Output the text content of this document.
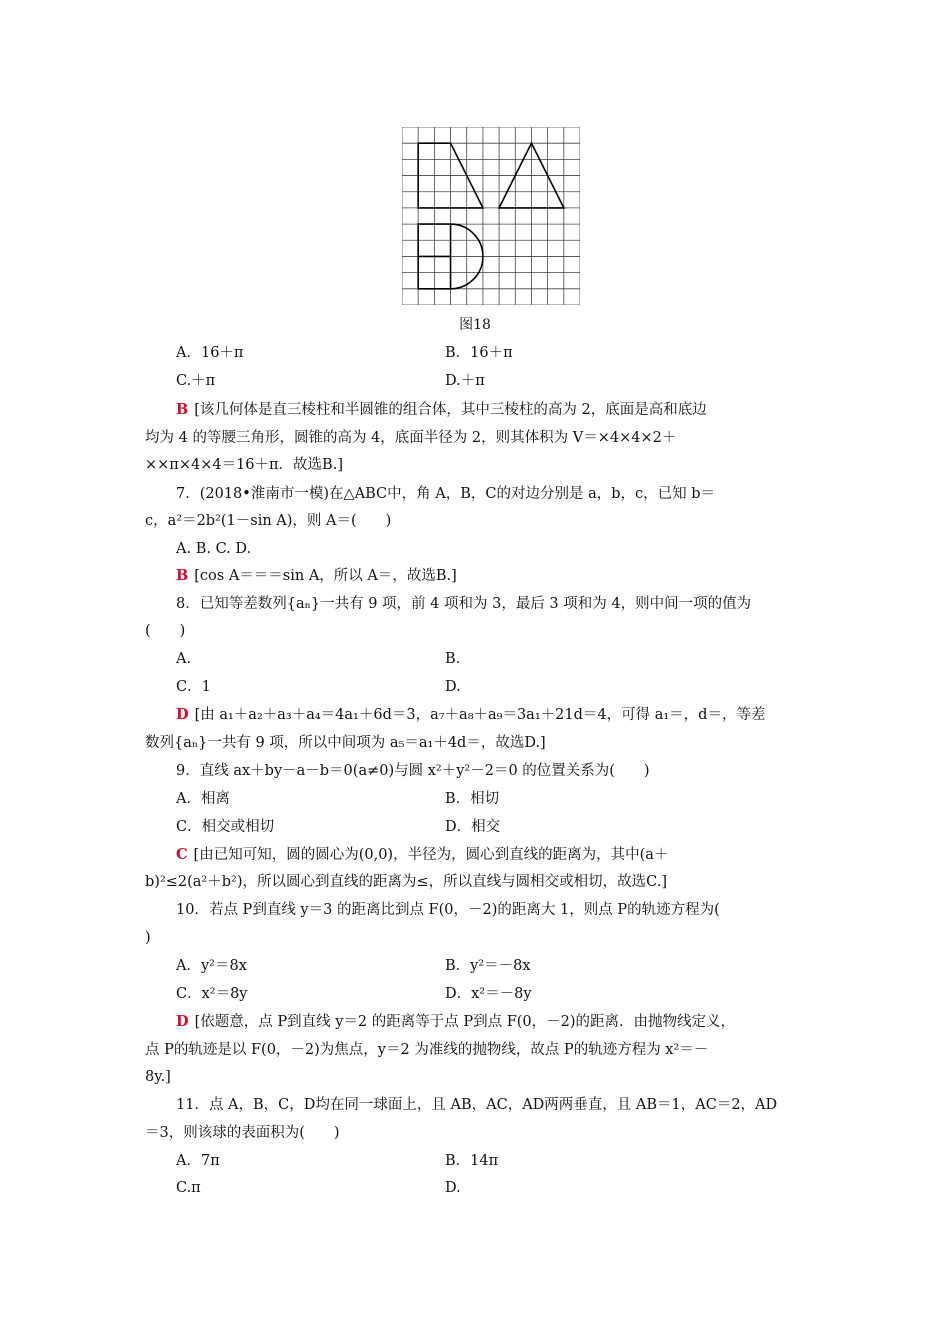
图18
A．16＋π	B．16＋π
C.＋π	D.＋π
B [该几何体是直三棱柱和半圆锥的组合体，其中三棱柱的高为 2，底面是高和底边
均为 4 的等腰三角形，圆锥的高为 4，底面半径为 2，则其体积为 V＝×4×4×2＋
××π×4×4＝16＋π．故选B.]
7．(2018•淮南市一模)在△ABC中，角 A，B，C的对边分别是 a，b，c，已知 b＝
c，a²＝2b²(1－sin A)，则 A＝(　　)
A. B. C. D.
B [cos A＝＝＝sin A，所以 A＝，故选B.]
8．已知等差数列{aₙ}一共有 9 项，前 4 项和为 3，最后 3 项和为 4，则中间一项的值为
(　　)
A.	B.
C．1	D.
D [由 a₁＋a₂＋a₃＋a₄＝4a₁＋6d＝3，a₇＋a₈＋a₉＝3a₁＋21d＝4，可得 a₁＝，d＝，等差
数列{aₙ}一共有 9 项，所以中间项为 a₅＝a₁＋4d＝，故选D.]
9．直线 ax＋by－a－b＝0(a≠0)与圆 x²＋y²－2＝0 的位置关系为(　　)
A．相离	B．相切
C．相交或相切	D．相交
C [由已知可知，圆的圆心为(0,0)，半径为，圆心到直线的距离为，其中(a＋
b)²≤2(a²＋b²)，所以圆心到直线的距离为≤，所以直线与圆相交或相切，故选C.]
10．若点 P到直线 y＝3 的距离比到点 F(0，－2)的距离大 1，则点 P的轨迹方程为(
)
A．y²＝8x	B．y²＝－8x
C．x²＝8y	D．x²＝－8y
D [依题意，点 P到直线 y＝2 的距离等于点 P到点 F(0，－2)的距离．由抛物线定义，
点 P的轨迹是以 F(0，－2)为焦点，y＝2 为准线的抛物线，故点 P的轨迹方程为 x²＝－
8y.]
11．点 A，B，C，D均在同一球面上，且 AB，AC，AD两两垂直，且 AB＝1，AC＝2，AD
＝3，则该球的表面积为(　　)
A．7π	B．14π
C.π	D.
